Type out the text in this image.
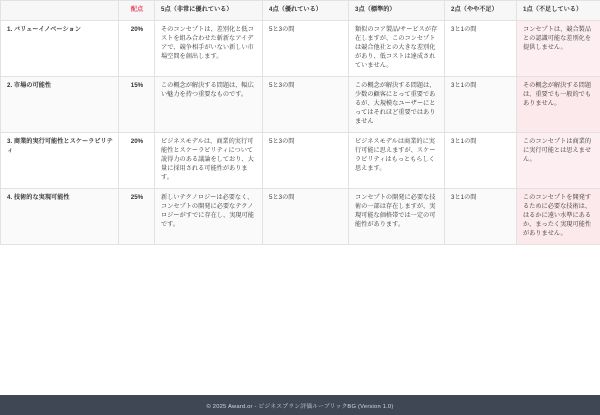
	配点	5点（非常に優れている）	4点（優れている）	3点（標準的）	2点（やや不足）	1点（不足している）
1. バリューイノベーション	20%	そのコンセプトは、差別化と低コストを組み合わせた斬新なアイデアで、競争相手がいない新しい市場空間を創出します。	5と3の間	類似のコア製品/サービスが存在しますが、このコンセプトは競合他社との大きな差別化があり、低コストは達成されていません。	3と1の間	コンセプトは、競合製品との認識可能な差別化を提供しません。
2. 市場の可能性	15%	この概念が解決する問題は、幅広い魅力を持つ重要なものです。	5と3の間	この概念が解決する問題は、少数の顧客にとって重要であるが、大規模なユーザーにとってはそれほど重要ではありません	3と1の間	その概念が解決する問題は、重要でも一般的でもありません。
3. 商業的実行可能性とスケーラビリティ	20%	ビジネスモデルは、商業的実行可能性とスケーラビリティについて説得力のある議論をしており、大量に採用される可能性があります。	5と3の間	ビジネスモデルは商業的に実行可能に思えますが、スケーラビリティはもっともらしく思えます。	3と1の間	このコンセプトは商業的に実行可能とは思えません。
4. 技術的な実現可能性	25%	新しいテクノロジーは必要なく、コンセプトの開発に必要なテクノロジーがすでに存在し、実現可能です。	5と3の間	コンセプトの開発に必要な技術の一部は存在しますが、実現可能な価格帯では一定の可能性があります。	3と1の間	このコンセプトを開発するために必要な技術は、はるかに遠い水準にあるか、まったく実現可能性がありません。
© 2025 Award.or - ビジネスプラン評価ルーブリックBG (Version 1.0)
